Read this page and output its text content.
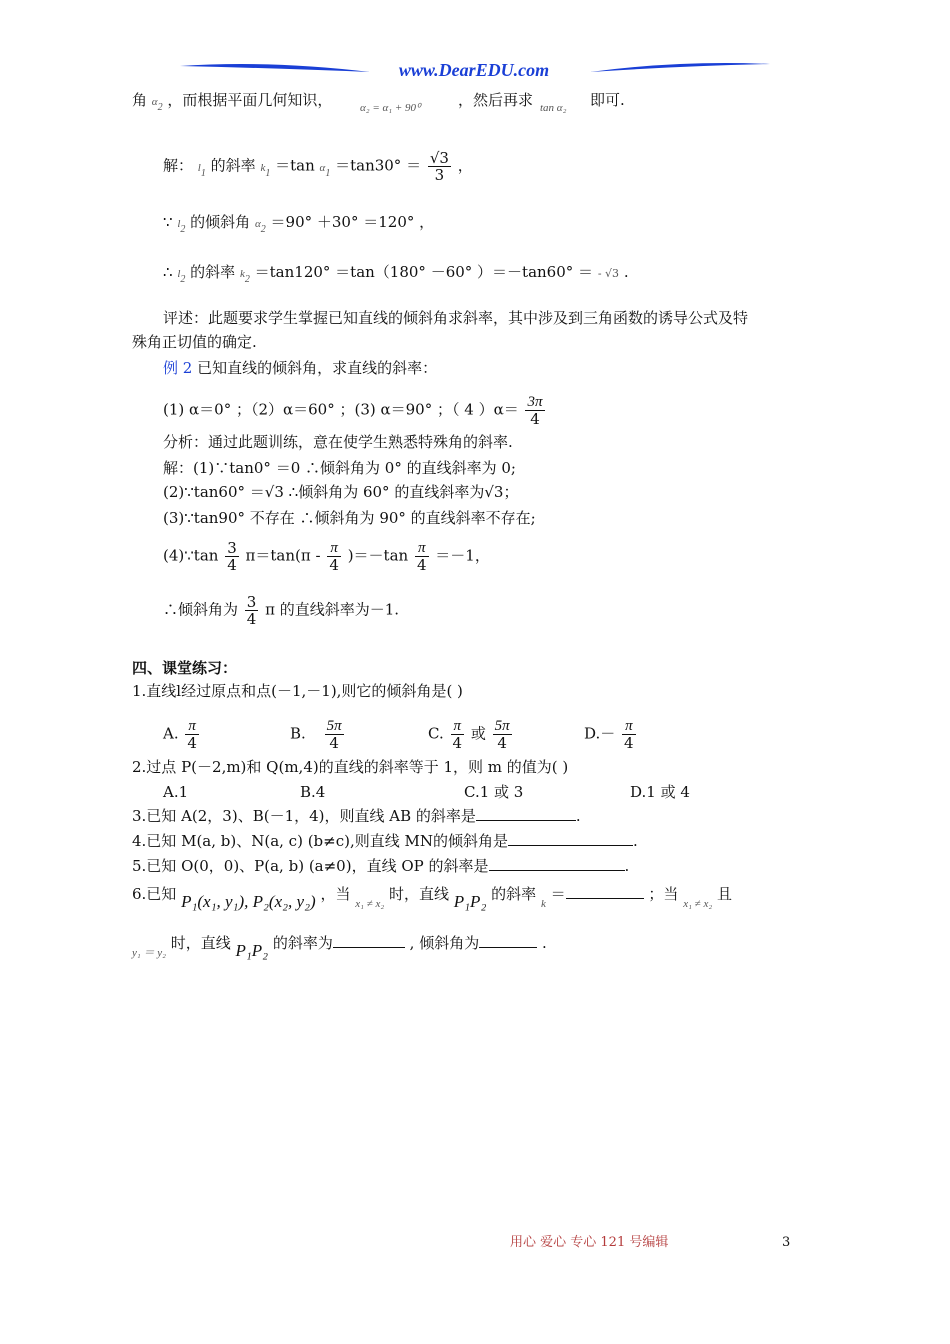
www.DearEDU.com
角 α2 ，而根据平面几何知识，	α₂ = α₁ + 90⁰	，然后再求 tan α₂ 即可.
解： l1 的斜率 k1 ＝tan $\alpha 1 =\tan 30^\circ = \frac{√3}{3}$ ，
∵ l2 的倾斜角 α2 ＝90° ＋30° ＝120° ，
∴ l2 的斜率 k2 ＝tan120° ＝tan（180° －60° ）＝－tan60° ＝ - √3 .
评述：此题要求学生掌握已知直线的倾斜角求斜率，其中涉及到三角函数的诱导公式及特
殊角正切值的确定.
例 2 已知直线的倾斜角，求直线的斜率：
(1) α＝0° ；（2）α＝60° ；(3) α＝90° ；（ 4 ）$\alpha= \frac{3\pi}{4}$
分析：通过此题训练，意在使学生熟悉特殊角的斜率.
解：(1)∵tan0° ＝0 ∴倾斜角为 0° 的直线斜率为 0;
(2)∵tan60° ＝√3 ∴倾斜角为 60° 的直线斜率为√3；
(3)∵tan90° 不存在 ∴倾斜角为 90° 的直线斜率不存在;
(4)∵tan $\frac{3}{4} \pi=\tan(\pi - \frac{\pi}{4} )=-\tan \frac{\pi}{4} =-1$，
∴倾斜角为 $\frac{3}{4}$ π 的直线斜率为－1.
四、课堂练习：
1.直线l经过原点和点(－1,－1),则它的倾斜角是( )
A. $\frac{\pi}{4}$	B. $\frac{5\pi}{4}$	C. $\frac{\pi}{4}$ 或 $\frac{5\pi}{4}$	$D.- \frac{\pi}{4}$
2.过点 P(－2,m)和 Q(m,4)的直线的斜率等于 1，则 m 的值为( )
A.1	B.4	C.1 或 3	D.1 或 4
3.已知 A(2，3)、B(－1，4)，则直线 AB 的斜率是	.
4.已知 M(a, b)、N(a, c) (b≠c),则直线 MN的倾斜角是	.
5.已知 O(0，0)、P(a, b) (a≠0)，直线 OP 的斜率是	.
6.已知 P₁(x₁, y₁), P₂(x₂, y₂) ，当 $_{x_1 \ne x_2}$ 时，直线 P₁P₂ 的斜率 $_k$ ＝	；当 $_{x_1 \ne x_2}$ 且
$_{y_1 = y_2}$ 时，直线 P₁P₂ 的斜率为	, 倾斜角为	.
用心 爱心 专心 121 号编辑	3
